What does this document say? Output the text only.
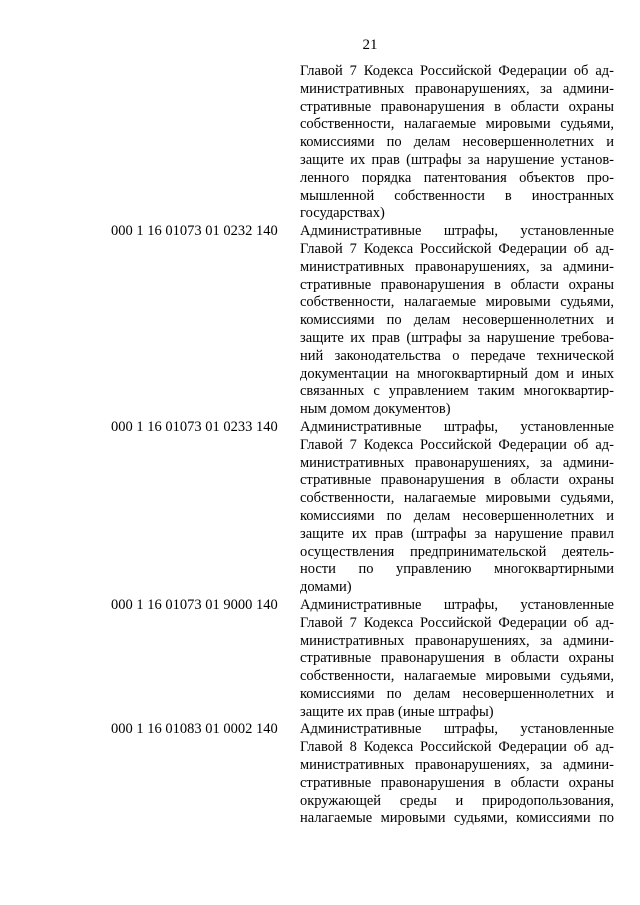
21
Главой 7 Кодекса Российской Федерации об ад-
министративных правонарушениях, за админи-
стративные правонарушения в области охраны
собственности, налагаемые мировыми судьями,
комиссиями по делам несовершеннолетних и
защите их прав (штрафы за нарушение установ-
ленного порядка патентования объектов про-
мышленной собственности в иностранных
государствах)
000 1 16 01073 01 0232 140 Административные штрафы, установленные
Главой 7 Кодекса Российской Федерации об ад-
министративных правонарушениях, за админи-
стративные правонарушения в области охраны
собственности, налагаемые мировыми судьями,
комиссиями по делам несовершеннолетних и
защите их прав (штрафы за нарушение требова-
ний законодательства о передаче технической
документации на многоквартирный дом и иных
связанных с управлением таким многоквартир-
ным домом документов)
000 1 16 01073 01 0233 140 Административные штрафы, установленные
Главой 7 Кодекса Российской Федерации об ад-
министративных правонарушениях, за админи-
стративные правонарушения в области охраны
собственности, налагаемые мировыми судьями,
комиссиями по делам несовершеннолетних и
защите их прав (штрафы за нарушение правил
осуществления предпринимательской деятель-
ности по управлению многоквартирными
домами)
000 1 16 01073 01 9000 140 Административные штрафы, установленные
Главой 7 Кодекса Российской Федерации об ад-
министративных правонарушениях, за админи-
стративные правонарушения в области охраны
собственности, налагаемые мировыми судьями,
комиссиями по делам несовершеннолетних и
защите их прав (иные штрафы)
000 1 16 01083 01 0002 140 Административные штрафы, установленные
Главой 8 Кодекса Российской Федерации об ад-
министративных правонарушениях, за админи-
стративные правонарушения в области охраны
окружающей среды и природопользования,
налагаемые мировыми судьями, комиссиями по
